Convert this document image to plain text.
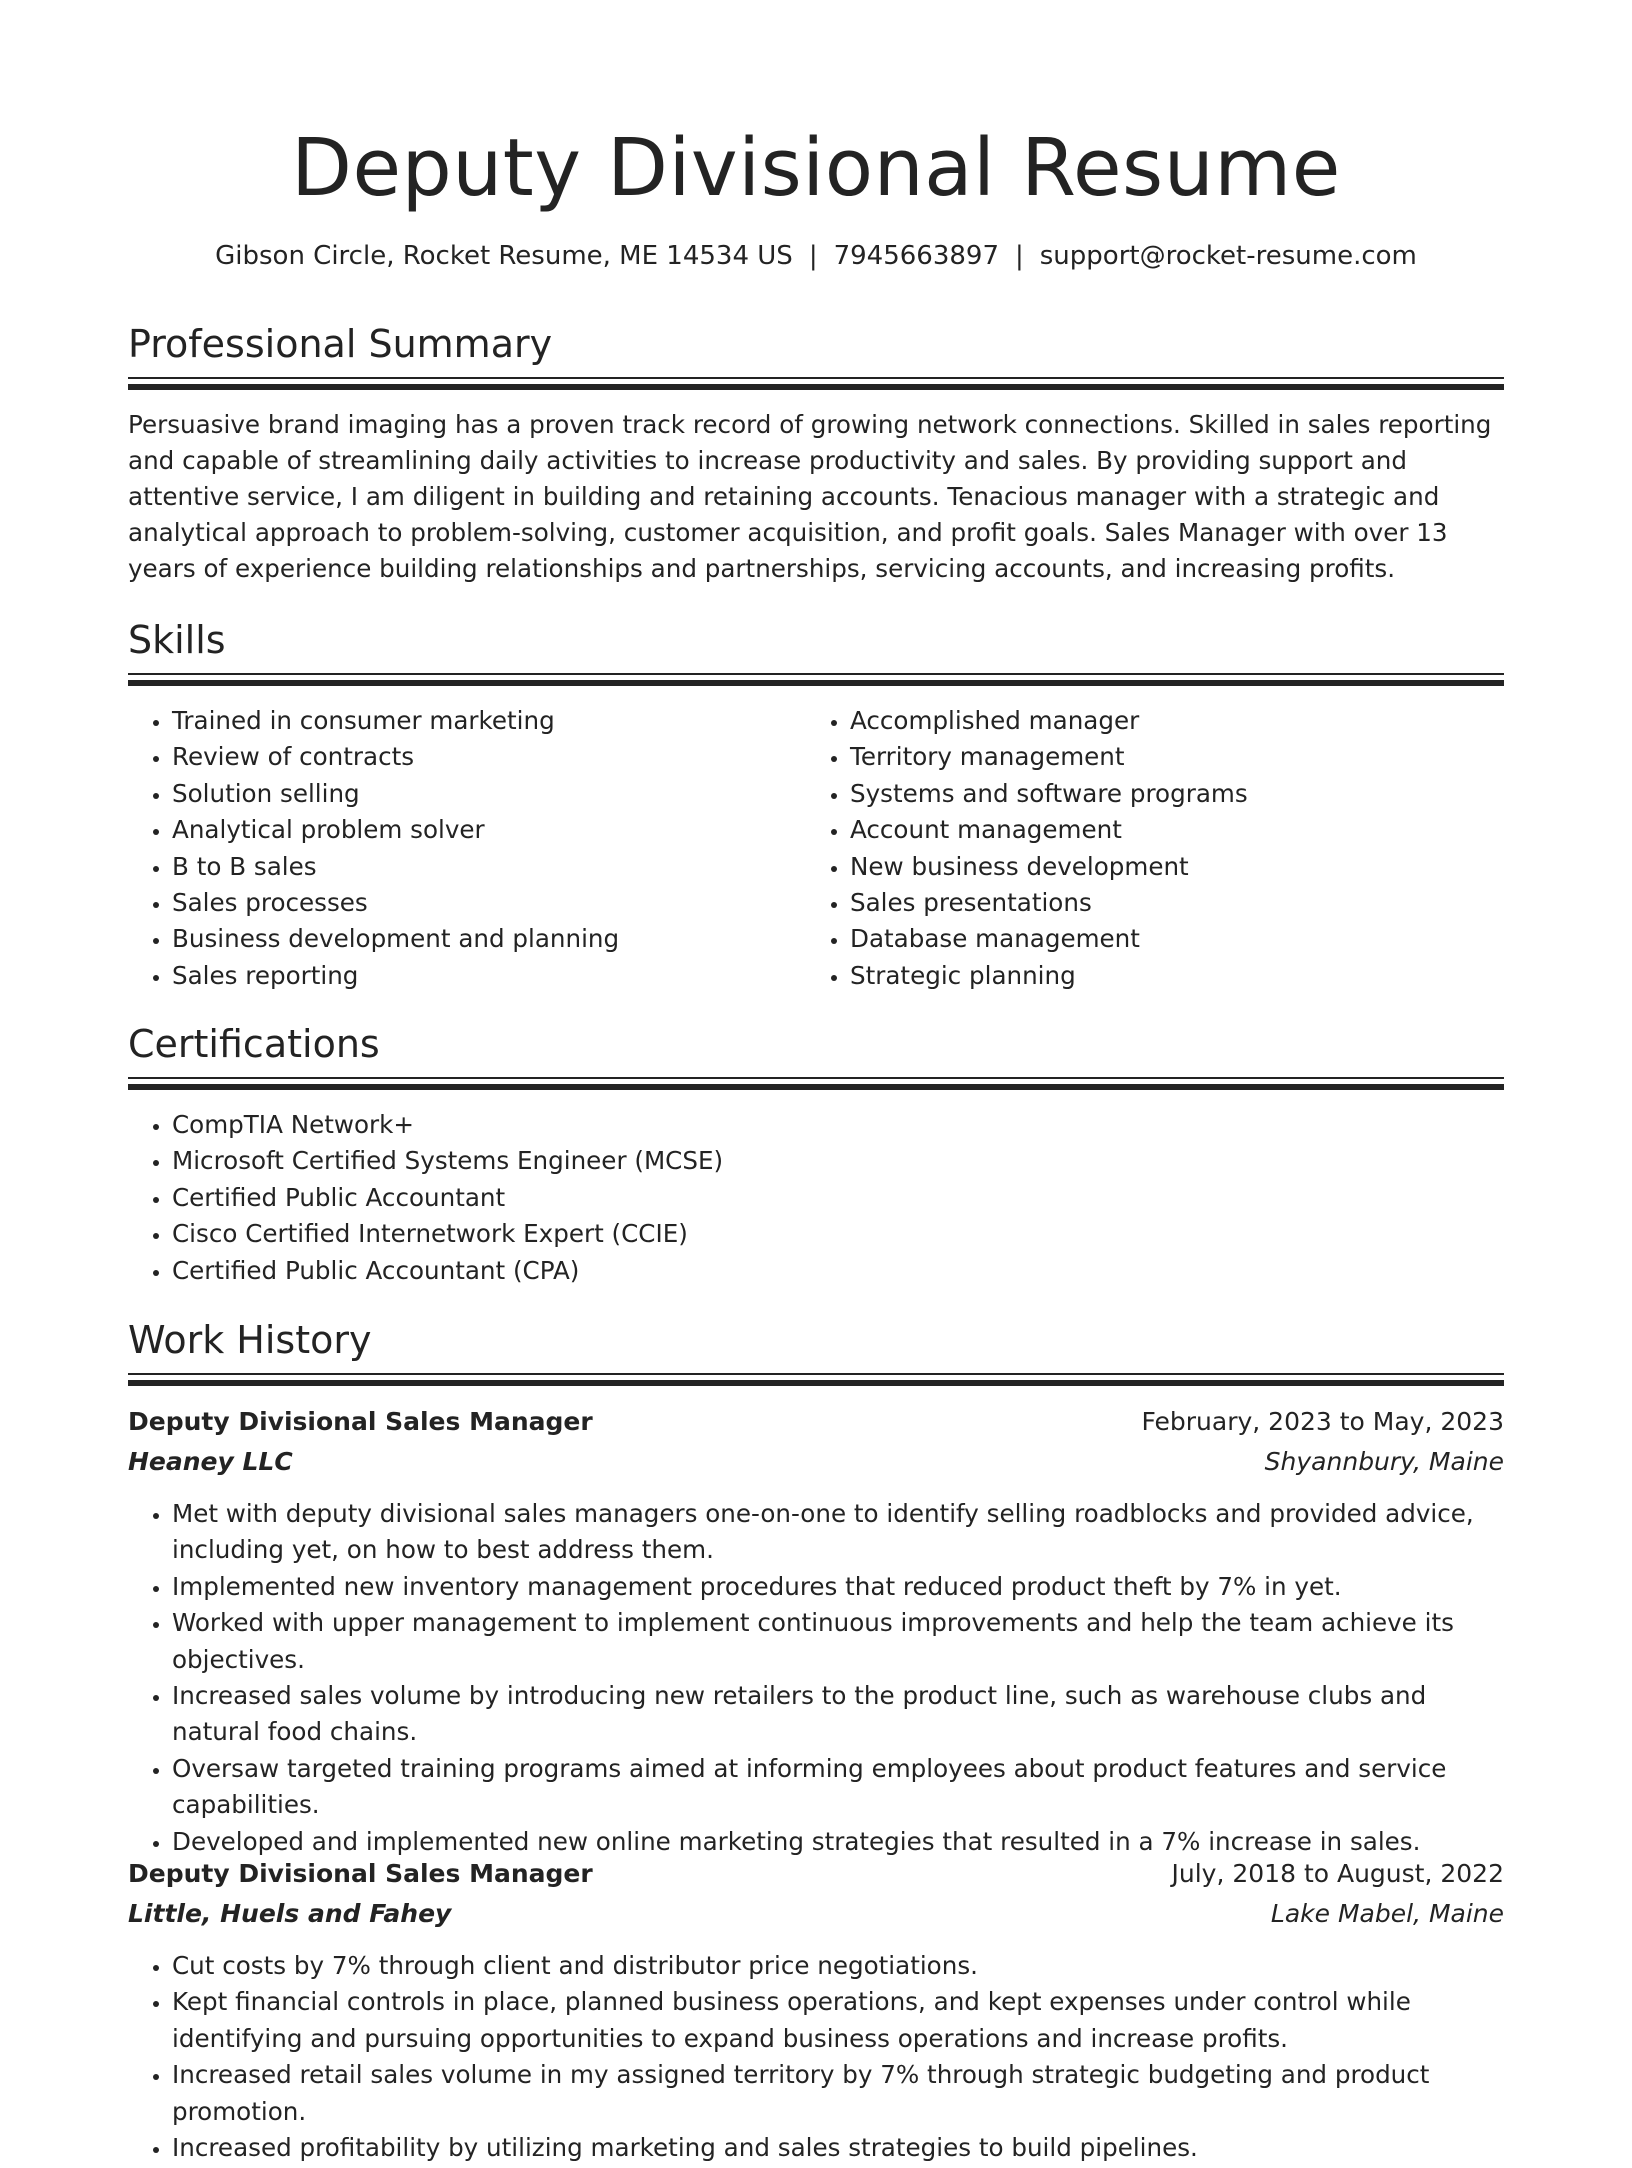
Deputy Divisional Resume
Gibson Circle, Rocket Resume, ME 14534 US | 7945663897 | support@rocket-resume.com
Professional Summary

Persuasive brand imaging has a proven track record of growing network connections. Skilled in sales reporting and capable of streamlining daily activities to increase productivity and sales. By providing support and attentive service, I am diligent in building and retaining accounts. Tenacious manager with a strategic and analytical approach to problem-solving, customer acquisition, and profit goals. Sales Manager with over 13 years of experience building relationships and partnerships, servicing accounts, and increasing profits.

Skills
• Trained in consumer marketing
• Review of contracts
• Solution selling
• Analytical problem solver
• B to B sales
• Sales processes
• Business development and planning
• Sales reporting
• Accomplished manager
• Territory management
• Systems and software programs
• Account management
• New business development
• Sales presentations
• Database management
• Strategic planning
Certifications
• CompTIA Network+
• Microsoft Certified Systems Engineer (MCSE)
• Certified Public Accountant
• Cisco Certified Internetwork Expert (CCIE)
• Certified Public Accountant (CPA)
Work History
Deputy Divisional Sales Manager	February, 2023 to May, 2023
Heaney LLC	Shyannbury, Maine
• Met with deputy divisional sales managers one-on-one to identify selling roadblocks and provided advice, including yet, on how to best address them.
• Implemented new inventory management procedures that reduced product theft by 7% in yet.
• Worked with upper management to implement continuous improvements and help the team achieve its objectives.
• Increased sales volume by introducing new retailers to the product line, such as warehouse clubs and natural food chains.
• Oversaw targeted training programs aimed at informing employees about product features and service capabilities.
• Developed and implemented new online marketing strategies that resulted in a 7% increase in sales.
Deputy Divisional Sales Manager	July, 2018 to August, 2022
Little, Huels and Fahey	Lake Mabel, Maine
• Cut costs by 7% through client and distributor price negotiations.
• Kept financial controls in place, planned business operations, and kept expenses under control while identifying and pursuing opportunities to expand business operations and increase profits.
• Increased retail sales volume in my assigned territory by 7% through strategic budgeting and product promotion.
• Increased profitability by utilizing marketing and sales strategies to build pipelines.
